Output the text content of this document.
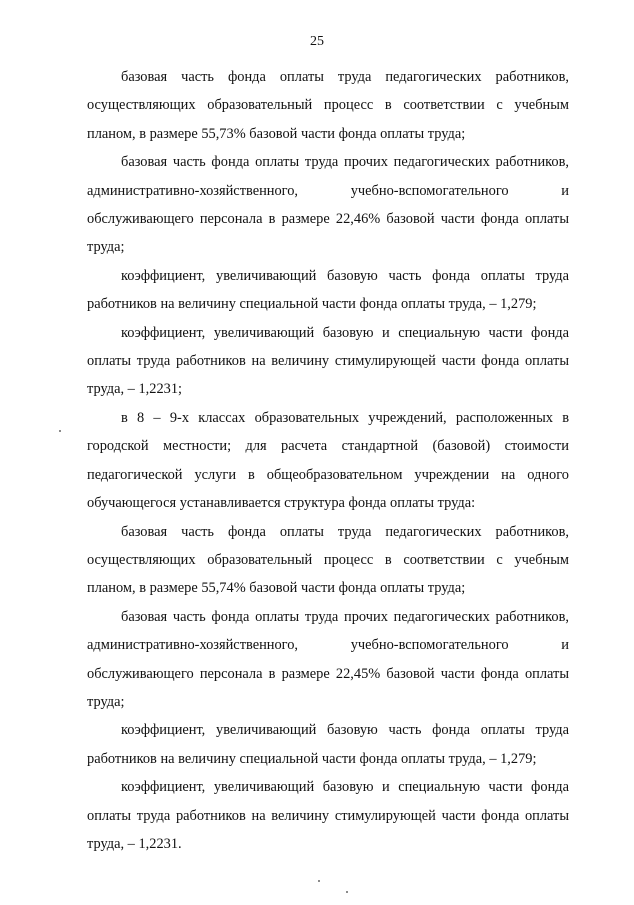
25

базовая часть фонда оплаты труда педагогических работников, осуществляющих образовательный процесс в соответствии с учебным планом, в размере 55,73% базовой части фонда оплаты труда;

базовая часть фонда оплаты труда прочих педагогических работников, административно-хозяйственного, учебно-вспомогательного и обслуживающего персонала в размере 22,46% базовой части фонда оплаты труда;

коэффициент, увеличивающий базовую часть фонда оплаты труда работников на величину специальной части фонда оплаты труда, – 1,279;

коэффициент, увеличивающий базовую и специальную части фонда оплаты труда работников на величину стимулирующей части фонда оплаты труда, – 1,2231;

в 8 – 9-х классах образовательных учреждений, расположенных в городской местности; для расчета стандартной (базовой) стоимости педагогической услуги в общеобразовательном учреждении на одного обучающегося устанавливается структура фонда оплаты труда:

базовая часть фонда оплаты труда педагогических работников, осуществляющих образовательный процесс в соответствии с учебным планом, в размере 55,74% базовой части фонда оплаты труда;

базовая часть фонда оплаты труда прочих педагогических работников, административно-хозяйственного, учебно-вспомогательного и обслуживающего персонала в размере 22,45% базовой части фонда оплаты труда;

коэффициент, увеличивающий базовую часть фонда оплаты труда работников на величину специальной части фонда оплаты труда, – 1,279;

коэффициент, увеличивающий базовую и специальную части фонда оплаты труда работников на величину стимулирующей части фонда оплаты труда, – 1,2231.
